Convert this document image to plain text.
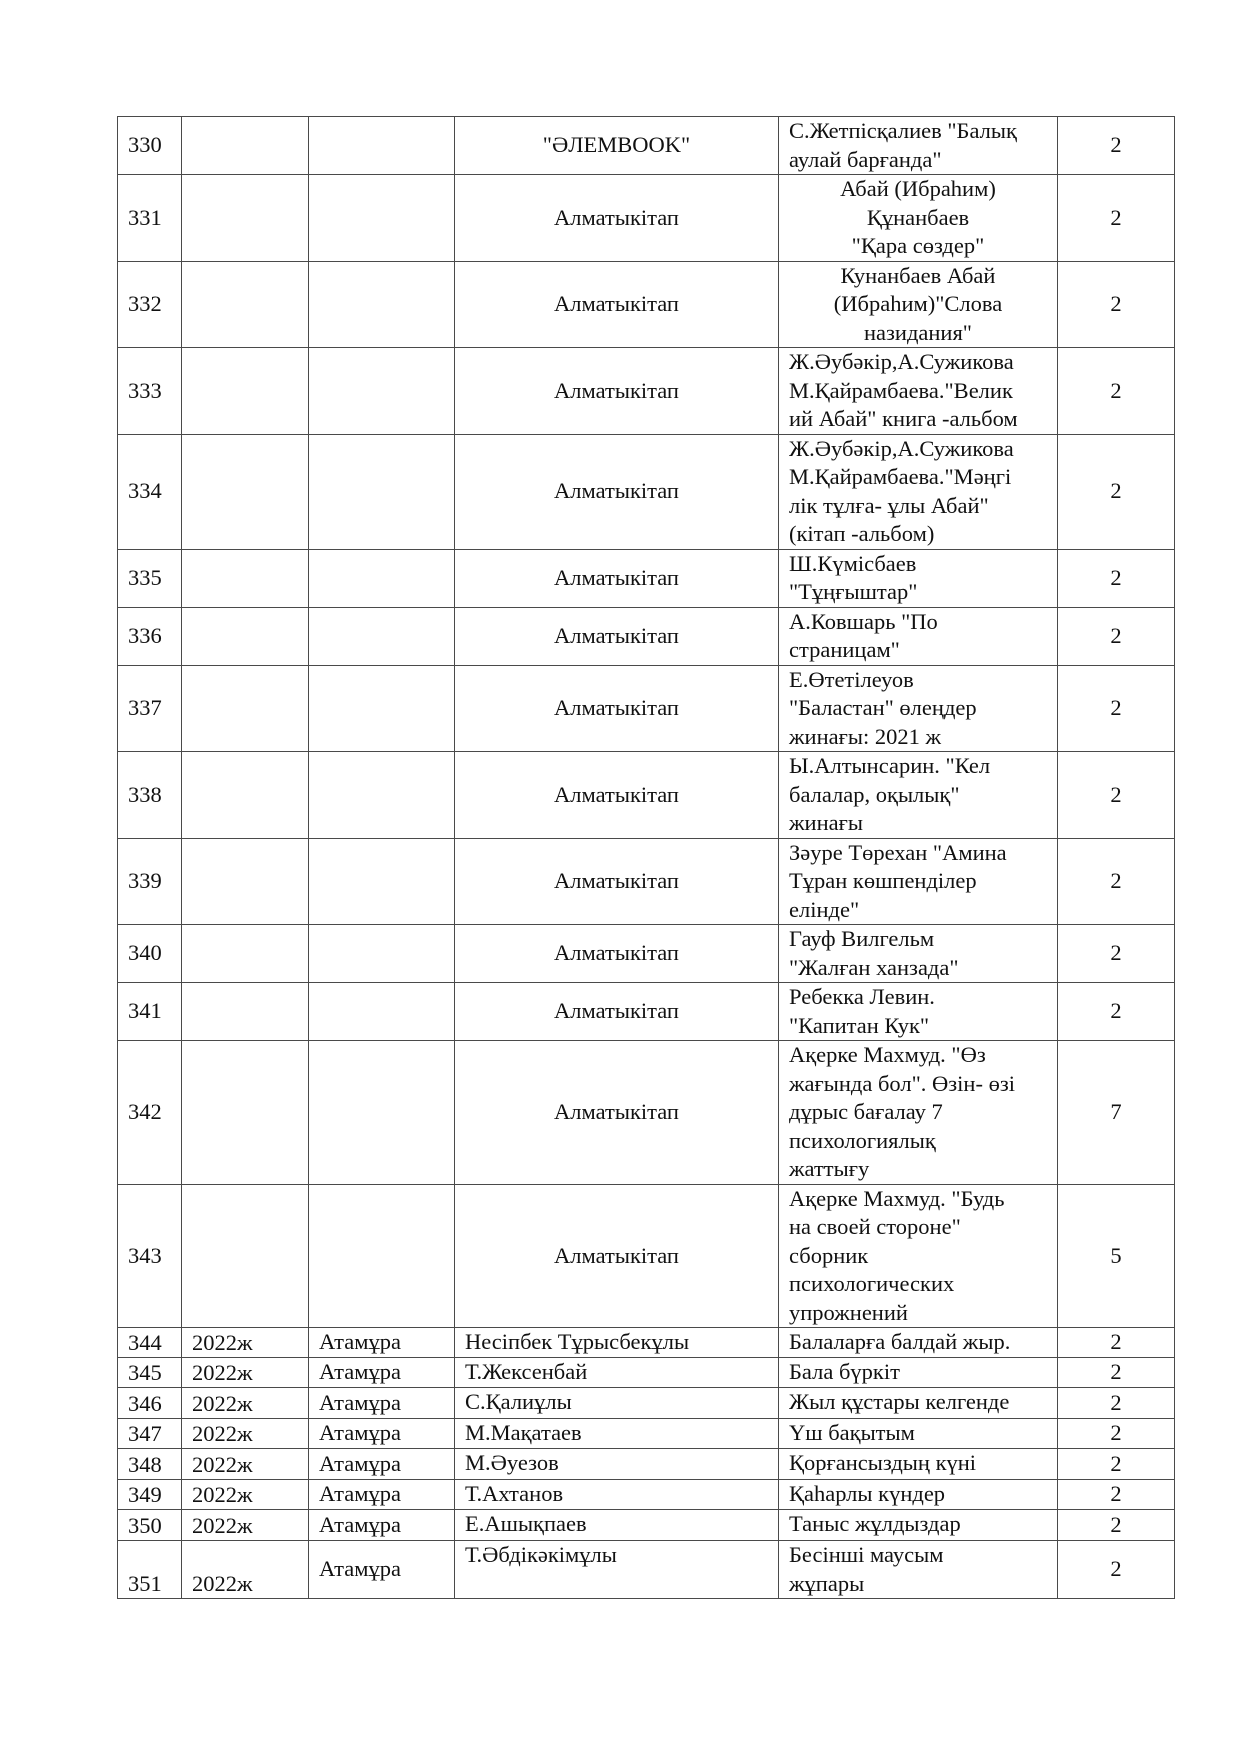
330			"ӘЛЕМBOOK"	С.Жетпісқалиев "Балық
аулай барғанда"	2
331			Алматыкітап	Абай (Ибраһим)
Құнанбаев
"Қара сөздер"	2
332			Алматыкітап	Кунанбаев Абай
(Ибраһим)"Слова
назидания"	2
333			Алматыкітап	Ж.Әубәкір,А.Сужикова
М.Қайрамбаева."Велик
ий Абай" книга -альбом	2
334			Алматыкітап	Ж.Әубәкір,А.Сужикова
М.Қайрамбаева."Мәңгі
лік тұлға- ұлы Абай"
(кітап -альбом)	2
335			Алматыкітап	Ш.Күмісбаев
"Тұңғыштар"	2
336			Алматыкітап	А.Ковшарь "По
страницам"	2
337			Алматыкітап	Е.Өтетілеуов
"Баластан" өлеңдер
жинағы: 2021 ж	2
338			Алматыкітап	Ы.Алтынсарин. "Кел
балалар, оқылық"
жинағы	2
339			Алматыкітап	Зәуре Төрехан "Амина
Тұран көшпенділер
елінде"	2
340			Алматыкітап	Гауф Вилгельм
"Жалған ханзада"	2
341			Алматыкітап	Ребекка Левин.
"Капитан Кук"	2
342			Алматыкітап	Ақерке Махмуд. "Өз
жағында бол". Өзін- өзі
дұрыс бағалау 7
психологиялық
жаттығу	7
343			Алматыкітап	Ақерке Махмуд. "Будь
на своей стороне"
сборник
психологических
упрожнений	5
344	2022ж	Атамұра	Несіпбек Тұрысбекұлы	Балаларға балдай жыр.	2
345	2022ж	Атамұра	Т.Жексенбай	Бала бүркіт	2
346	2022ж	Атамұра	С.Қалиұлы	Жыл құстары келгенде	2
347	2022ж	Атамұра	М.Мақатаев	Үш бақытым	2
348	2022ж	Атамұра	М.Әуезов	Қорғансыздың күні	2
349	2022ж	Атамұра	Т.Ахтанов	Қаһарлы күндер	2
350	2022ж	Атамұра	Е.Ашықпаев	Таныс жұлдыздар	2
351	2022ж	Атамұра	Т.Әбдікәкімұлы	Бесінші маусым
жұпары	2
